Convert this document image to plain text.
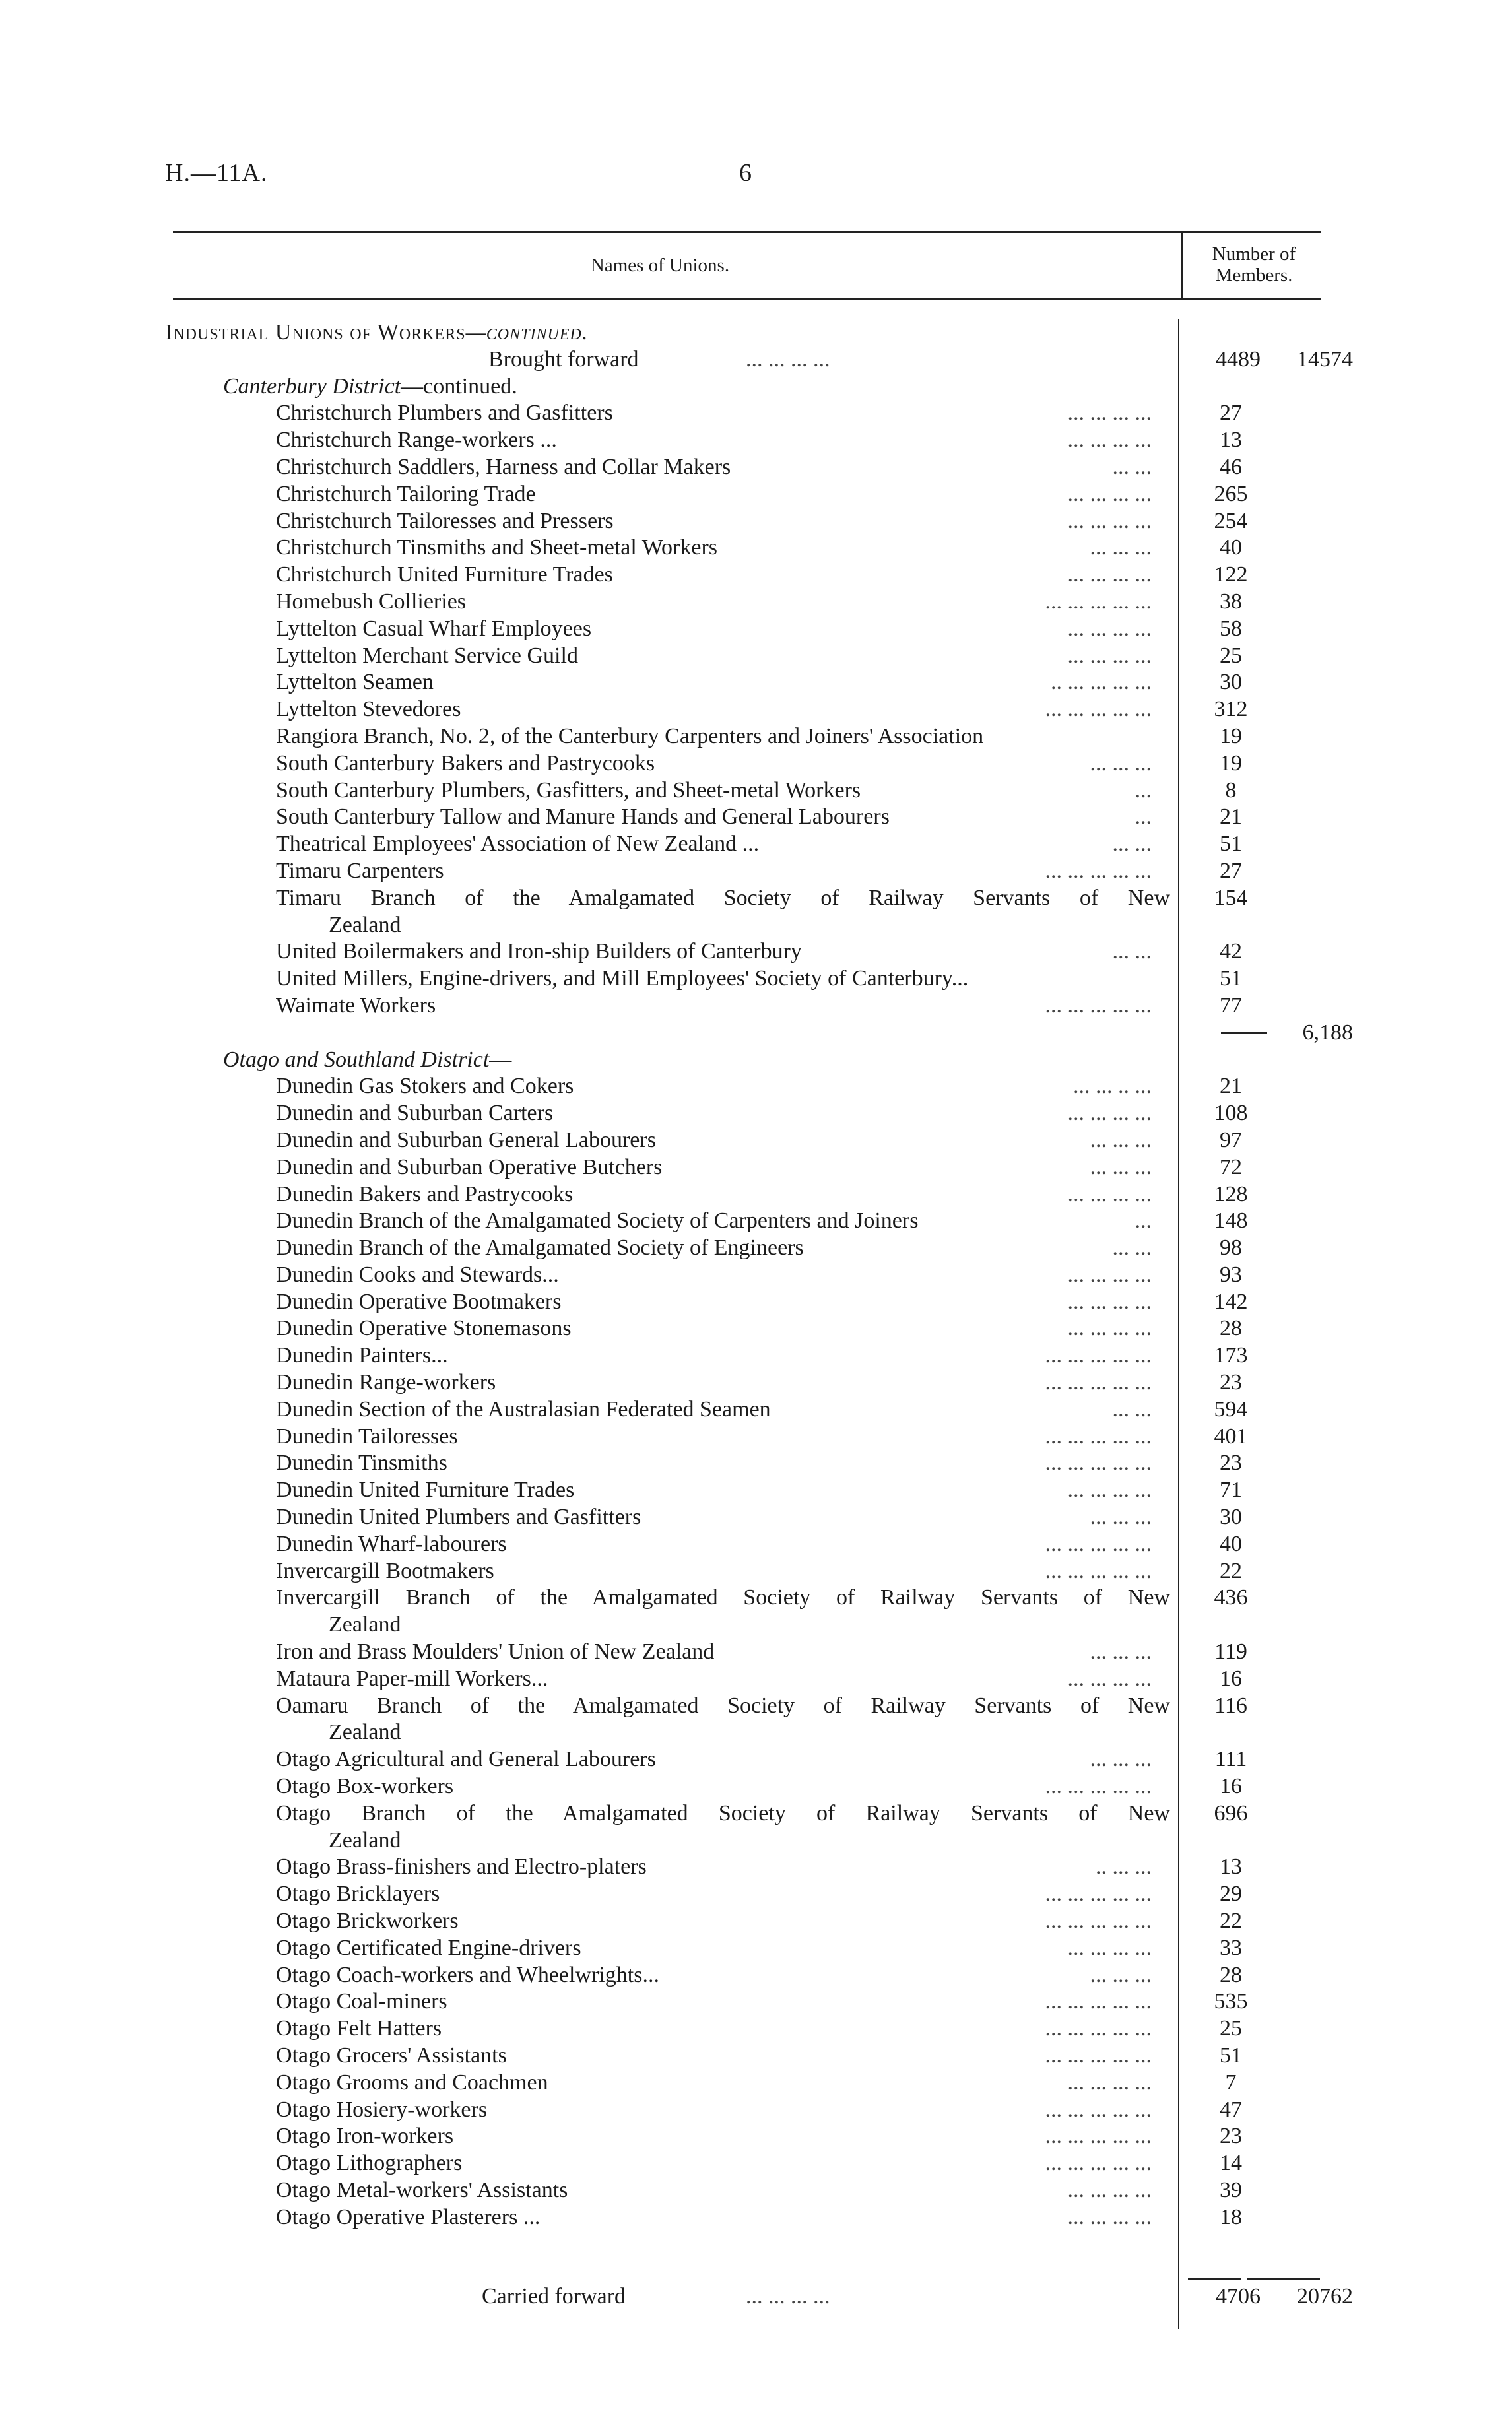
H.—11A.	6
Names of Unions.
Number of
Members.
Industrial Unions of Workers—continued.
Brought forward	... ... ... ...	4489	14574
Canterbury District—continued.
Christchurch Plumbers and Gasfitters	... ... ... ...	27
Christchurch Range-workers ...	... ... ... ...	13
Christchurch Saddlers, Harness and Collar Makers	... ...	46
Christchurch Tailoring Trade	... ... ... ...	265
Christchurch Tailoresses and Pressers	... ... ... ...	254
Christchurch Tinsmiths and Sheet-metal Workers	... ... ...	40
Christchurch United Furniture Trades	... ... ... ...	122
Homebush Collieries	... ... ... ... ...	38
Lyttelton Casual Wharf Employees	... ... ... ...	58
Lyttelton Merchant Service Guild	... ... ... ...	25
Lyttelton Seamen	.. ... ... ... ...	30
Lyttelton Stevedores	... ... ... ... ...	312
Rangiora Branch, No. 2, of the Canterbury Carpenters and Joiners' Association	19
South Canterbury Bakers and Pastrycooks	... ... ...	19
South Canterbury Plumbers, Gasfitters, and Sheet-metal Workers	...	8
South Canterbury Tallow and Manure Hands and General Labourers	...	21
Theatrical Employees' Association of New Zealand ...	... ...	51
Timaru Carpenters	... ... ... ... ...	27
Timaru Branch of the Amalgamated Society of Railway Servants of New	154
Zealand
United Boilermakers and Iron-ship Builders of Canterbury	... ...	42
United Millers, Engine-drivers, and Mill Employees' Society of Canterbury...	51
Waimate Workers	... ... ... ... ...	77
6,188
Otago and Southland District—
Dunedin Gas Stokers and Cokers	... ... .. ...	21
Dunedin and Suburban Carters	... ... ... ...	108
Dunedin and Suburban General Labourers	... ... ...	97
Dunedin and Suburban Operative Butchers	... ... ...	72
Dunedin Bakers and Pastrycooks	... ... ... ...	128
Dunedin Branch of the Amalgamated Society of Carpenters and Joiners	...	148
Dunedin Branch of the Amalgamated Society of Engineers	... ...	98
Dunedin Cooks and Stewards...	... ... ... ...	93
Dunedin Operative Bootmakers	... ... ... ...	142
Dunedin Operative Stonemasons	... ... ... ...	28
Dunedin Painters...	... ... ... ... ...	173
Dunedin Range-workers	... ... ... ... ...	23
Dunedin Section of the Australasian Federated Seamen	... ...	594
Dunedin Tailoresses	... ... ... ... ...	401
Dunedin Tinsmiths	... ... ... ... ...	23
Dunedin United Furniture Trades	... ... ... ...	71
Dunedin United Plumbers and Gasfitters	... ... ...	30
Dunedin Wharf-labourers	... ... ... ... ...	40
Invercargill Bootmakers	... ... ... ... ...	22
Invercargill Branch of the Amalgamated Society of Railway Servants of New	436
Zealand
Iron and Brass Moulders' Union of New Zealand	... ... ...	119
Mataura Paper-mill Workers...	... ... ... ...	16
Oamaru Branch of the Amalgamated Society of Railway Servants of New	116
Zealand
Otago Agricultural and General Labourers	... ... ...	111
Otago Box-workers	... ... ... ... ...	16
Otago Branch of the Amalgamated Society of Railway Servants of New	696
Zealand
Otago Brass-finishers and Electro-platers	.. ... ...	13
Otago Bricklayers	... ... ... ... ...	29
Otago Brickworkers	... ... ... ... ...	22
Otago Certificated Engine-drivers	... ... ... ...	33
Otago Coach-workers and Wheelwrights...	... ... ...	28
Otago Coal-miners	... ... ... ... ...	535
Otago Felt Hatters	... ... ... ... ...	25
Otago Grocers' Assistants	... ... ... ... ...	51
Otago Grooms and Coachmen	... ... ... ...	7
Otago Hosiery-workers	... ... ... ... ...	47
Otago Iron-workers	... ... ... ... ...	23
Otago Lithographers	... ... ... ... ...	14
Otago Metal-workers' Assistants	... ... ... ...	39
Otago Operative Plasterers ...	... ... ... ...	18
Carried forward	... ... ... ...	4706	20762
